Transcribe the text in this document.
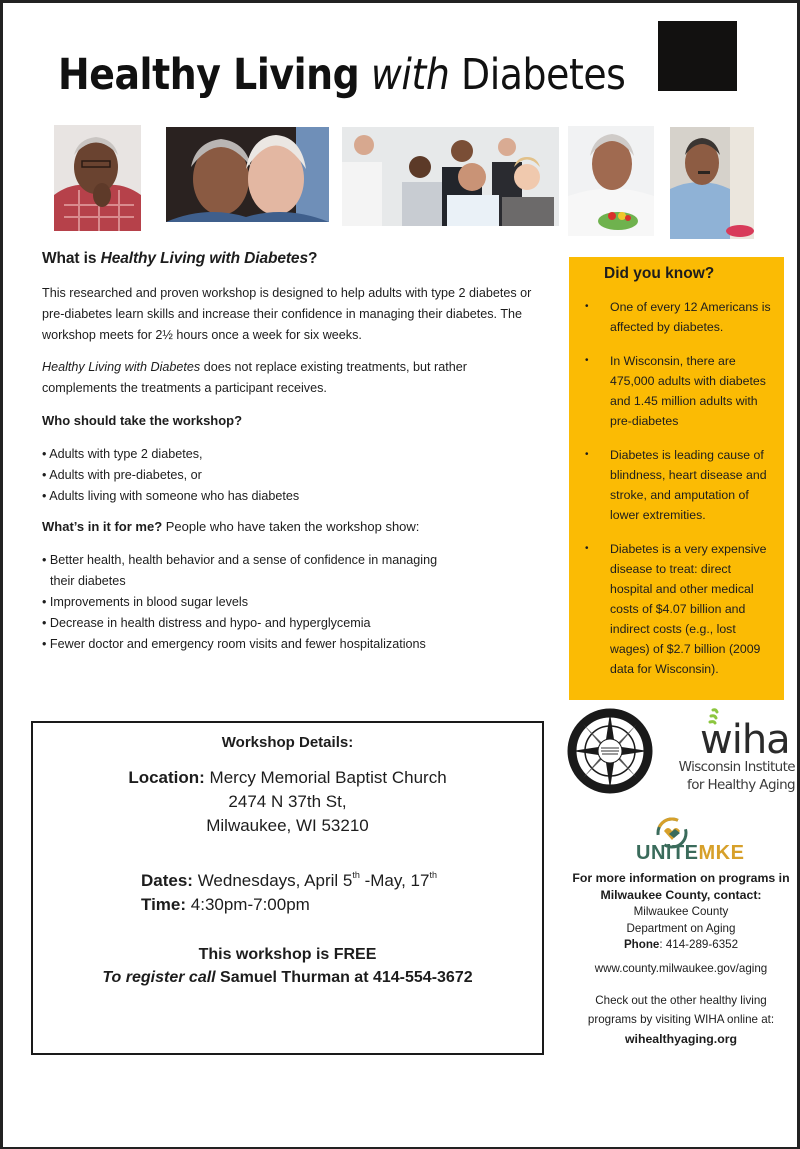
Healthy Living with Diabetes
What is Healthy Living with Diabetes?
This researched and proven workshop is designed to help adults with type 2 diabetes or pre-diabetes learn skills and increase their confidence in managing their diabetes. The workshop meets for 2½ hours once a week for six weeks.
Healthy Living with Diabetes does not replace existing treatments, but rather complements the treatments a participant receives.
Who should take the workshop?
• Adults with type 2 diabetes,
• Adults with pre-diabetes, or
• Adults living with someone who has diabetes
What’s in it for me? People who have taken the workshop show:
• Better health, health behavior and a sense of confidence in managing
their diabetes
• Improvements in blood sugar levels
• Decrease in health distress and hypo- and hyperglycemia
• Fewer doctor and emergency room visits and fewer hospitalizations
Did you know?
•	One of every 12 Americans is affected by diabetes.
•	In Wisconsin, there are 475,000 adults with diabetes and 1.45 million adults with pre-diabetes
•	Diabetes is leading cause of blindness, heart disease and stroke, and amputation of lower extremities.
•	Diabetes is a very expensive disease to treat: direct hospital and other medical costs of $4.07 billion and indirect costs (e.g., lost wages) of $2.7 billion (2009 data for Wisconsin).
Workshop Details:
Location: Mercy Memorial Baptist Church
2474 N 37th St,
Milwaukee, WI 53210
Dates: Wednesdays, April 5th -May, 17th
Time: 4:30pm-7:00pm
This workshop is FREE
To register call Samuel Thurman at 414-554-3672
wiha
Wisconsin Institute
for Healthy Aging
UNiTEMKE
For more information on programs in Milwaukee County, contact:
Milwaukee County
Department on Aging
Phone: 414-289-6352
www.county.milwaukee.gov/aging
Check out the other healthy living programs by visiting WIHA online at:
wihealthyaging.org
